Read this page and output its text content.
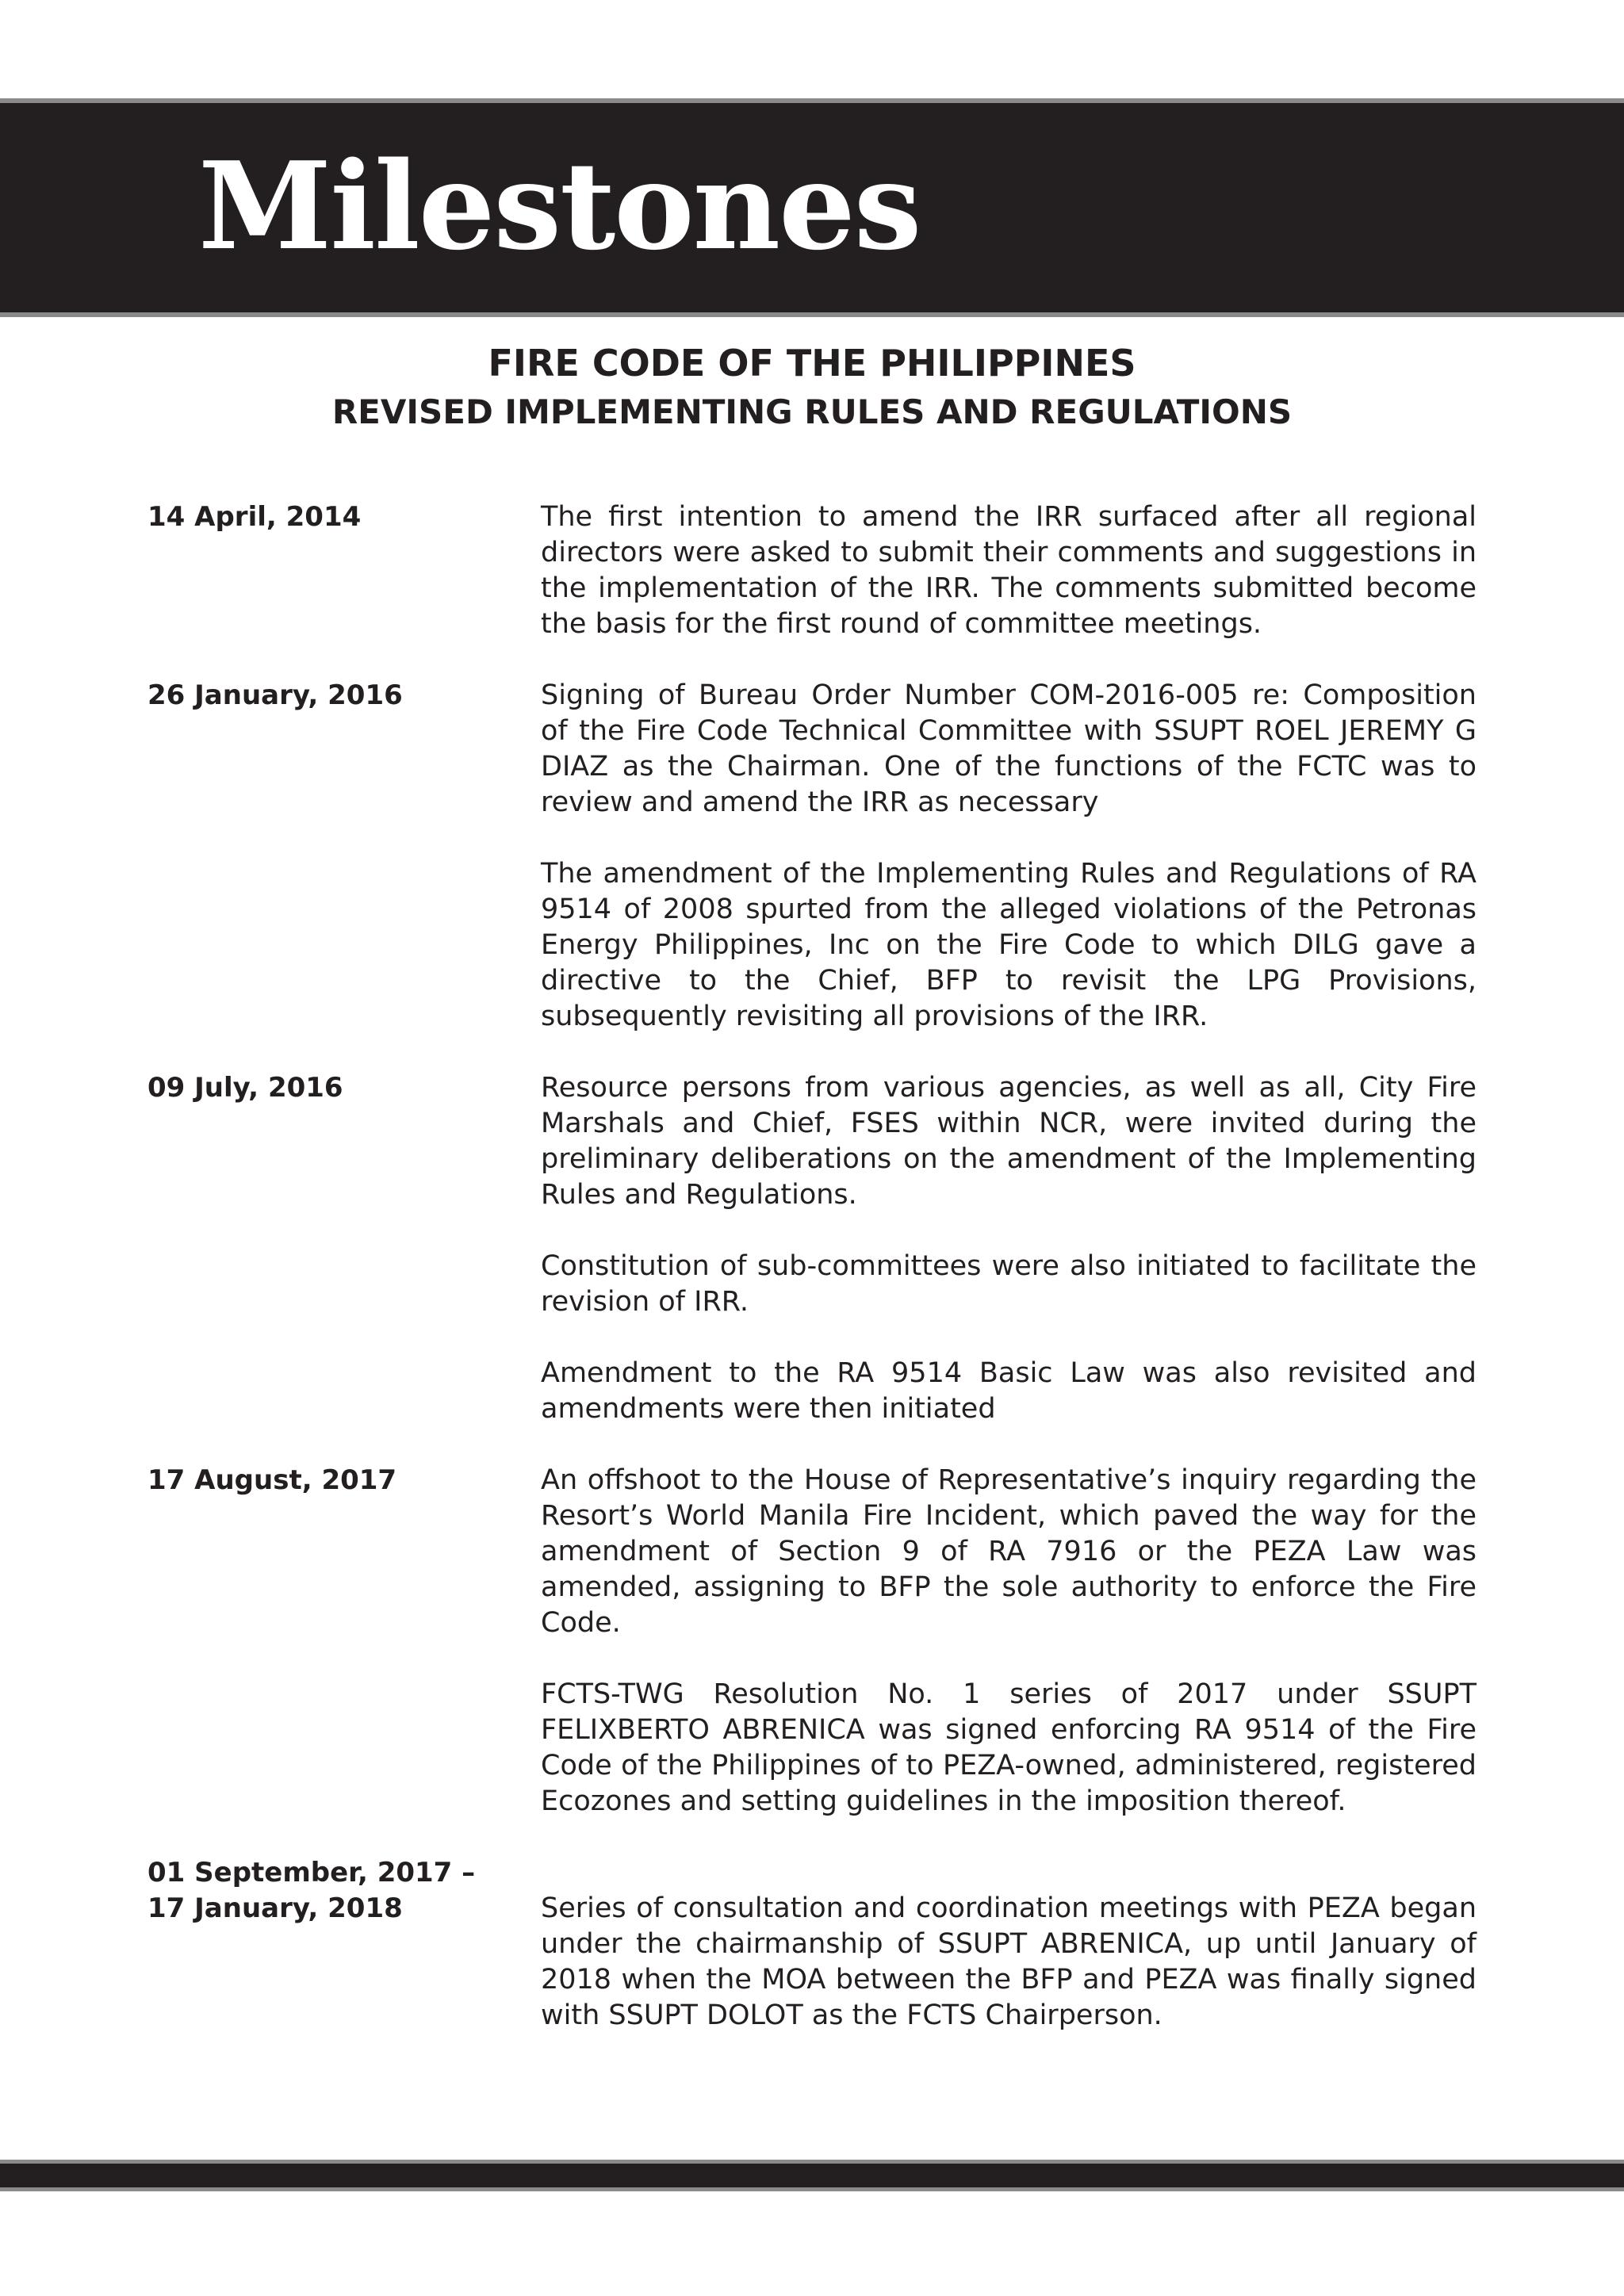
Milestones
FIRE CODE OF THE PHILIPPINES
REVISED IMPLEMENTING RULES AND REGULATIONS
14 April, 2014	The first intention to amend the IRR surfaced after all regional directors were asked to submit their comments and suggestions in the implementation of the IRR. The comments submitted become the basis for the first round of committee meetings.

26 January, 2016	Signing of Bureau Order Number COM-2016-005 re: Composition of the Fire Code Technical Committee with SSUPT ROEL JEREMY G DIAZ as the Chairman. One of the functions of the FCTC was to review and amend the IRR as necessary

The amendment of the Implementing Rules and Regulations of RA 9514 of 2008 spurted from the alleged violations of the Petronas Energy Philippines, Inc on the Fire Code to which DILG gave a directive to the Chief, BFP to revisit the LPG Provisions, subsequently revisiting all provisions of the IRR.

09 July, 2016	Resource persons from various agencies, as well as all, City Fire Marshals and Chief, FSES within NCR, were invited during the preliminary deliberations on the amendment of the Implementing Rules and Regulations.

Constitution of sub-committees were also initiated to facilitate the revision of IRR.

Amendment to the RA 9514 Basic Law was also revisited and amendments were then initiated

17 August, 2017	An offshoot to the House of Representative’s inquiry regarding the Resort’s World Manila Fire Incident, which paved the way for the amendment of Section 9 of RA 7916 or the PEZA Law was amended, assigning to BFP the sole authority to enforce the Fire Code.

FCTS-TWG Resolution No. 1 series of 2017 under SSUPT FELIXBERTO ABRENICA was signed enforcing RA 9514 of the Fire Code of the Philippines of to PEZA-owned, administered, registered Ecozones and setting guidelines in the imposition thereof.

01 September, 2017 –
17 January, 2018	Series of consultation and coordination meetings with PEZA began under the chairmanship of SSUPT ABRENICA, up until January of 2018 when the MOA between the BFP and PEZA was finally signed with SSUPT DOLOT as the FCTS Chairperson.
